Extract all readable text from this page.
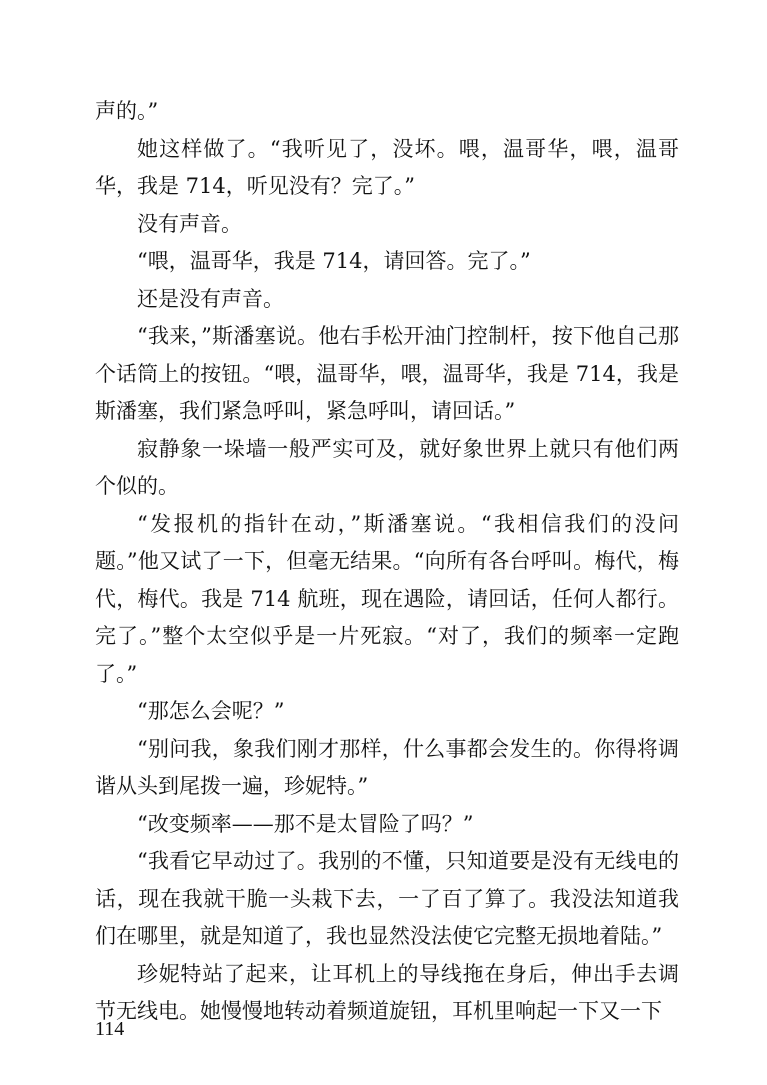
声的。”

她这样做了。“我听见了，没坏。喂，温哥华，喂，温哥华，我是 714，听见没有？完了。”

没有声音。

“喂，温哥华，我是 714，请回答。完了。”

还是没有声音。

“我来，”斯潘塞说。他右手松开油门控制杆，按下他自己那个话筒上的按钮。“喂，温哥华，喂，温哥华，我是 714，我是斯潘塞，我们紧急呼叫，紧急呼叫，请回话。”

寂静象一垛墙一般严实可及，就好象世界上就只有他们两个似的。

“发报机的指针在动，”斯潘塞说。“我相信我们的没问题。”他又试了一下，但毫无结果。“向所有各台呼叫。梅代，梅代，梅代。我是 714 航班，现在遇险，请回话，任何人都行。完了。”整个太空似乎是一片死寂。“对了，我们的频率一定跑了。”

“那怎么会呢？”

“别问我，象我们刚才那样，什么事都会发生的。你得将调谐从头到尾拨一遍，珍妮特。”

“改变频率——那不是太冒险了吗？”

“我看它早动过了。我别的不懂，只知道要是没有无线电的话，现在我就干脆一头栽下去，一了百了算了。我没法知道我们在哪里，就是知道了，我也显然没法使它完整无损地着陆。”

珍妮特站了起来，让耳机上的导线拖在身后，伸出手去调节无线电。她慢慢地转动着频道旋钮，耳机里响起一下又一下

114
